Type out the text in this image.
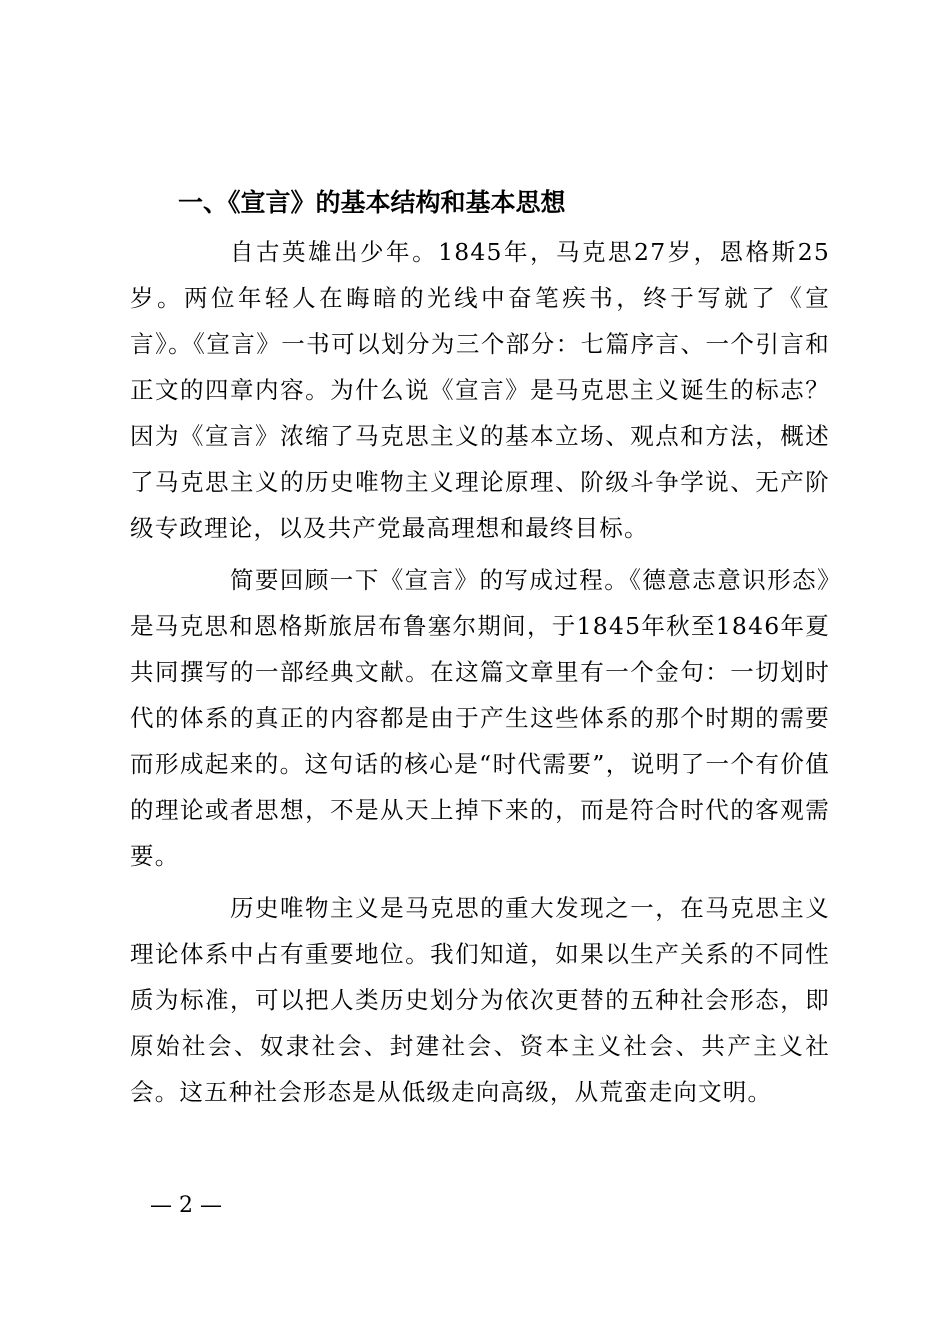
一、《宣言》的基本结构和基本思想

自古英雄出少年。1845年，马克思27岁，恩格斯25岁。两位年轻人在晦暗的光线中奋笔疾书，终于写就了《宣言》。《宣言》一书可以划分为三个部分：七篇序言、一个引言和正文的四章内容。为什么说《宣言》是马克思主义诞生的标志？因为《宣言》浓缩了马克思主义的基本立场、观点和方法，概述了马克思主义的历史唯物主义理论原理、阶级斗争学说、无产阶级专政理论，以及共产党最高理想和最终目标。

简要回顾一下《宣言》的写成过程。《德意志意识形态》是马克思和恩格斯旅居布鲁塞尔期间，于1845年秋至1846年夏共同撰写的一部经典文献。在这篇文章里有一个金句：一切划时代的体系的真正的内容都是由于产生这些体系的那个时期的需要而形成起来的。这句话的核心是“时代需要”，说明了一个有价值的理论或者思想，不是从天上掉下来的，而是符合时代的客观需要。

历史唯物主义是马克思的重大发现之一，在马克思主义理论体系中占有重要地位。我们知道，如果以生产关系的不同性质为标准，可以把人类历史划分为依次更替的五种社会形态，即原始社会、奴隶社会、封建社会、资本主义社会、共产主义社会。这五种社会形态是从低级走向高级，从荒蛮走向文明。

— 2 —
